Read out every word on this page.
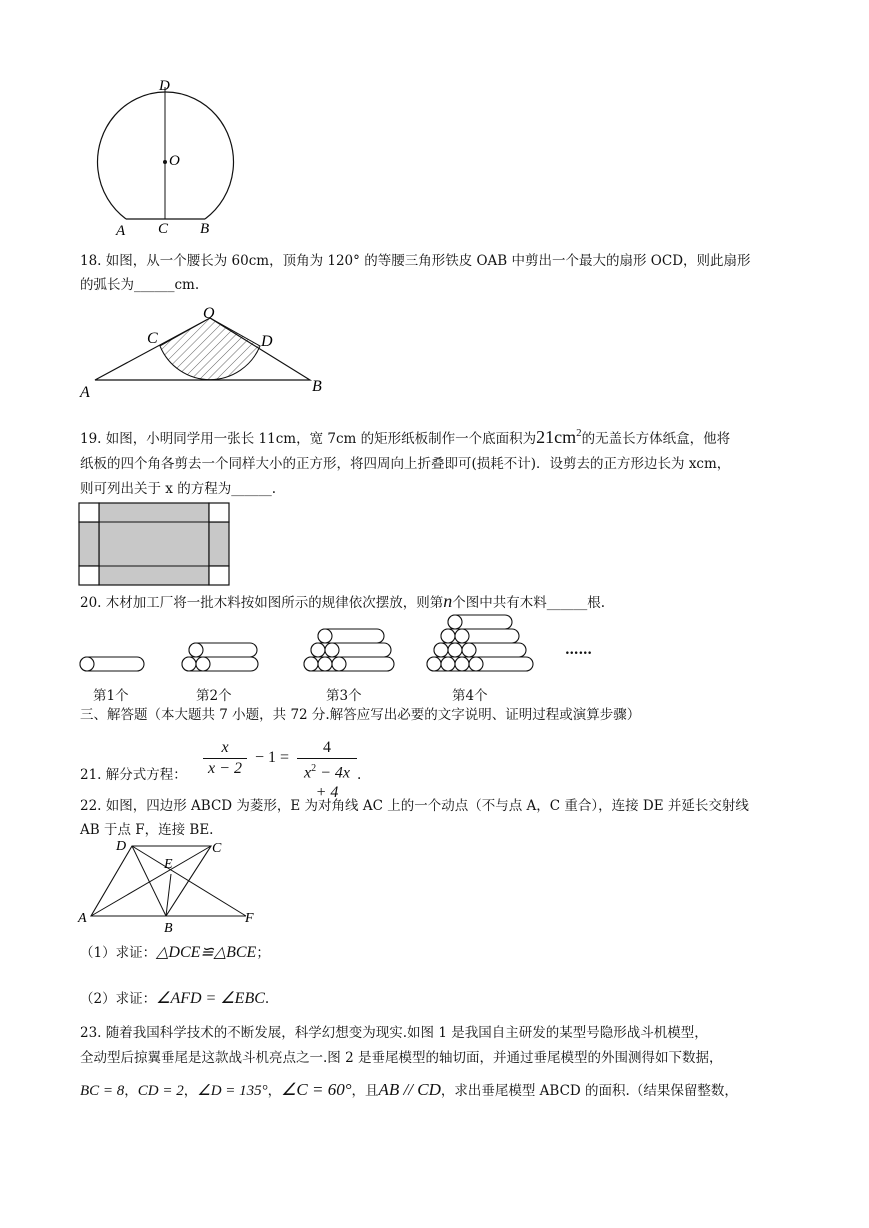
D
O
A C B
18. 如图，从一个腰长为 60cm，顶角为 120° 的等腰三角形铁皮 OAB 中剪出一个最大的扇形 OCD，则此扇形
的弧长为______cm.
O
C	D
A	B
19. 如图，小明同学用一张长 11cm，宽 7cm 的矩形纸板制作一个底面积为$21cm^2$的无盖长方体纸盒，他将
纸板的四个角各剪去一个同样大小的正方形，将四周向上折叠即可(损耗不计)．设剪去的正方形边长为 xcm，
则可列出关于 x 的方程为______.
20. 木材加工厂将一批木料按如图所示的规律依次摆放，则第n个图中共有木料______根.
……
第1个	第2个	第3个	第4个
三、解答题（本大题共 7 小题，共 72 分.解答应写出必要的文字说明、证明过程或演算步骤）
21. 解分式方程： $\frac{x}{x - 2} - 1 = \frac{4}{x^2 - 4x + 4}$ .
22. 如图，四边形 ABCD 为菱形，E 为对角线 AC 上的一个动点（不与点 A，C 重合），连接 DE 并延长交射线
AB 于点 F，连接 BE.
D	C
E
A
B
F
（1）求证：△DCE≌△BCE；
（2）求证：∠AFD = ∠EBC.
23. 随着我国科学技术的不断发展，科学幻想变为现实.如图 1 是我国自主研发的某型号隐形战斗机模型，
全动型后掠翼垂尾是这款战斗机亮点之一.图 2 是垂尾模型的轴切面，并通过垂尾模型的外围测得如下数据，
BC = 8，CD = 2，∠D = 135°，∠C = 60°，且AB // CD，求出垂尾模型 ABCD 的面积.（结果保留整数，
